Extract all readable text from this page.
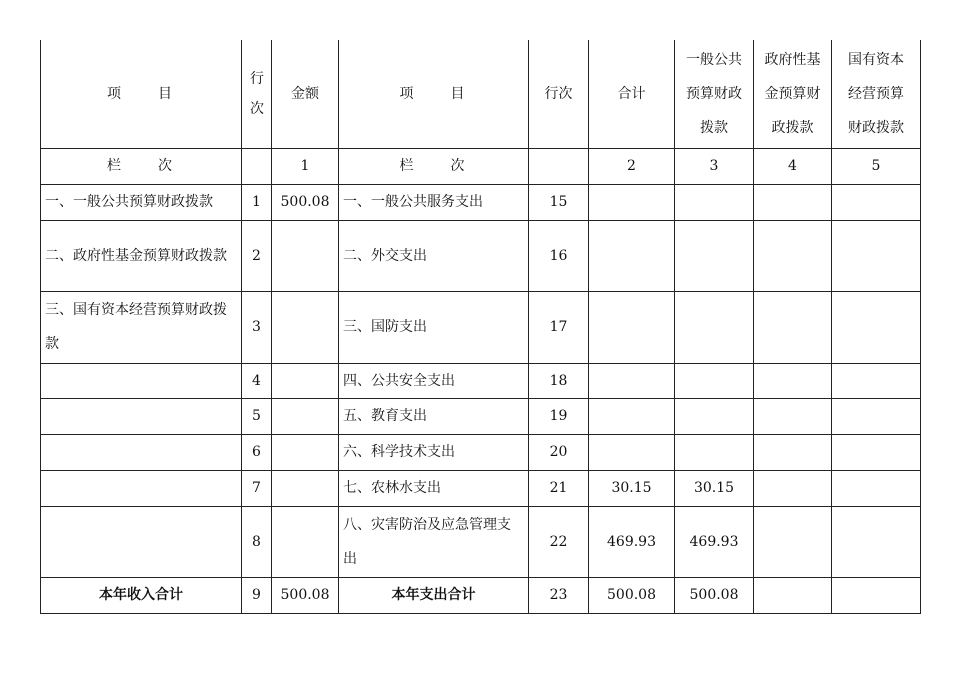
项　　目	行次	金额	项　　目	行次	合计	一般公共预算财政拨款	政府性基金预算财政拨款	国有资本经营预算财政拨款
栏　　次		1	栏　　次		2	3	4	5
一、一般公共预算财政拨款	1	500.08	一、一般公共服务支出	15				
二、政府性基金预算财政拨款	2		二、外交支出	16				
三、国有资本经营预算财政拨款	3		三、国防支出	17				
	4		四、公共安全支出	18				
	5		五、教育支出	19				
	6		六、科学技术支出	20				
	7		七、农林水支出	21	30.15	30.15		
	8		八、灾害防治及应急管理支出	22	469.93	469.93		
本年收入合计	9	500.08	本年支出合计	23	500.08	500.08		
